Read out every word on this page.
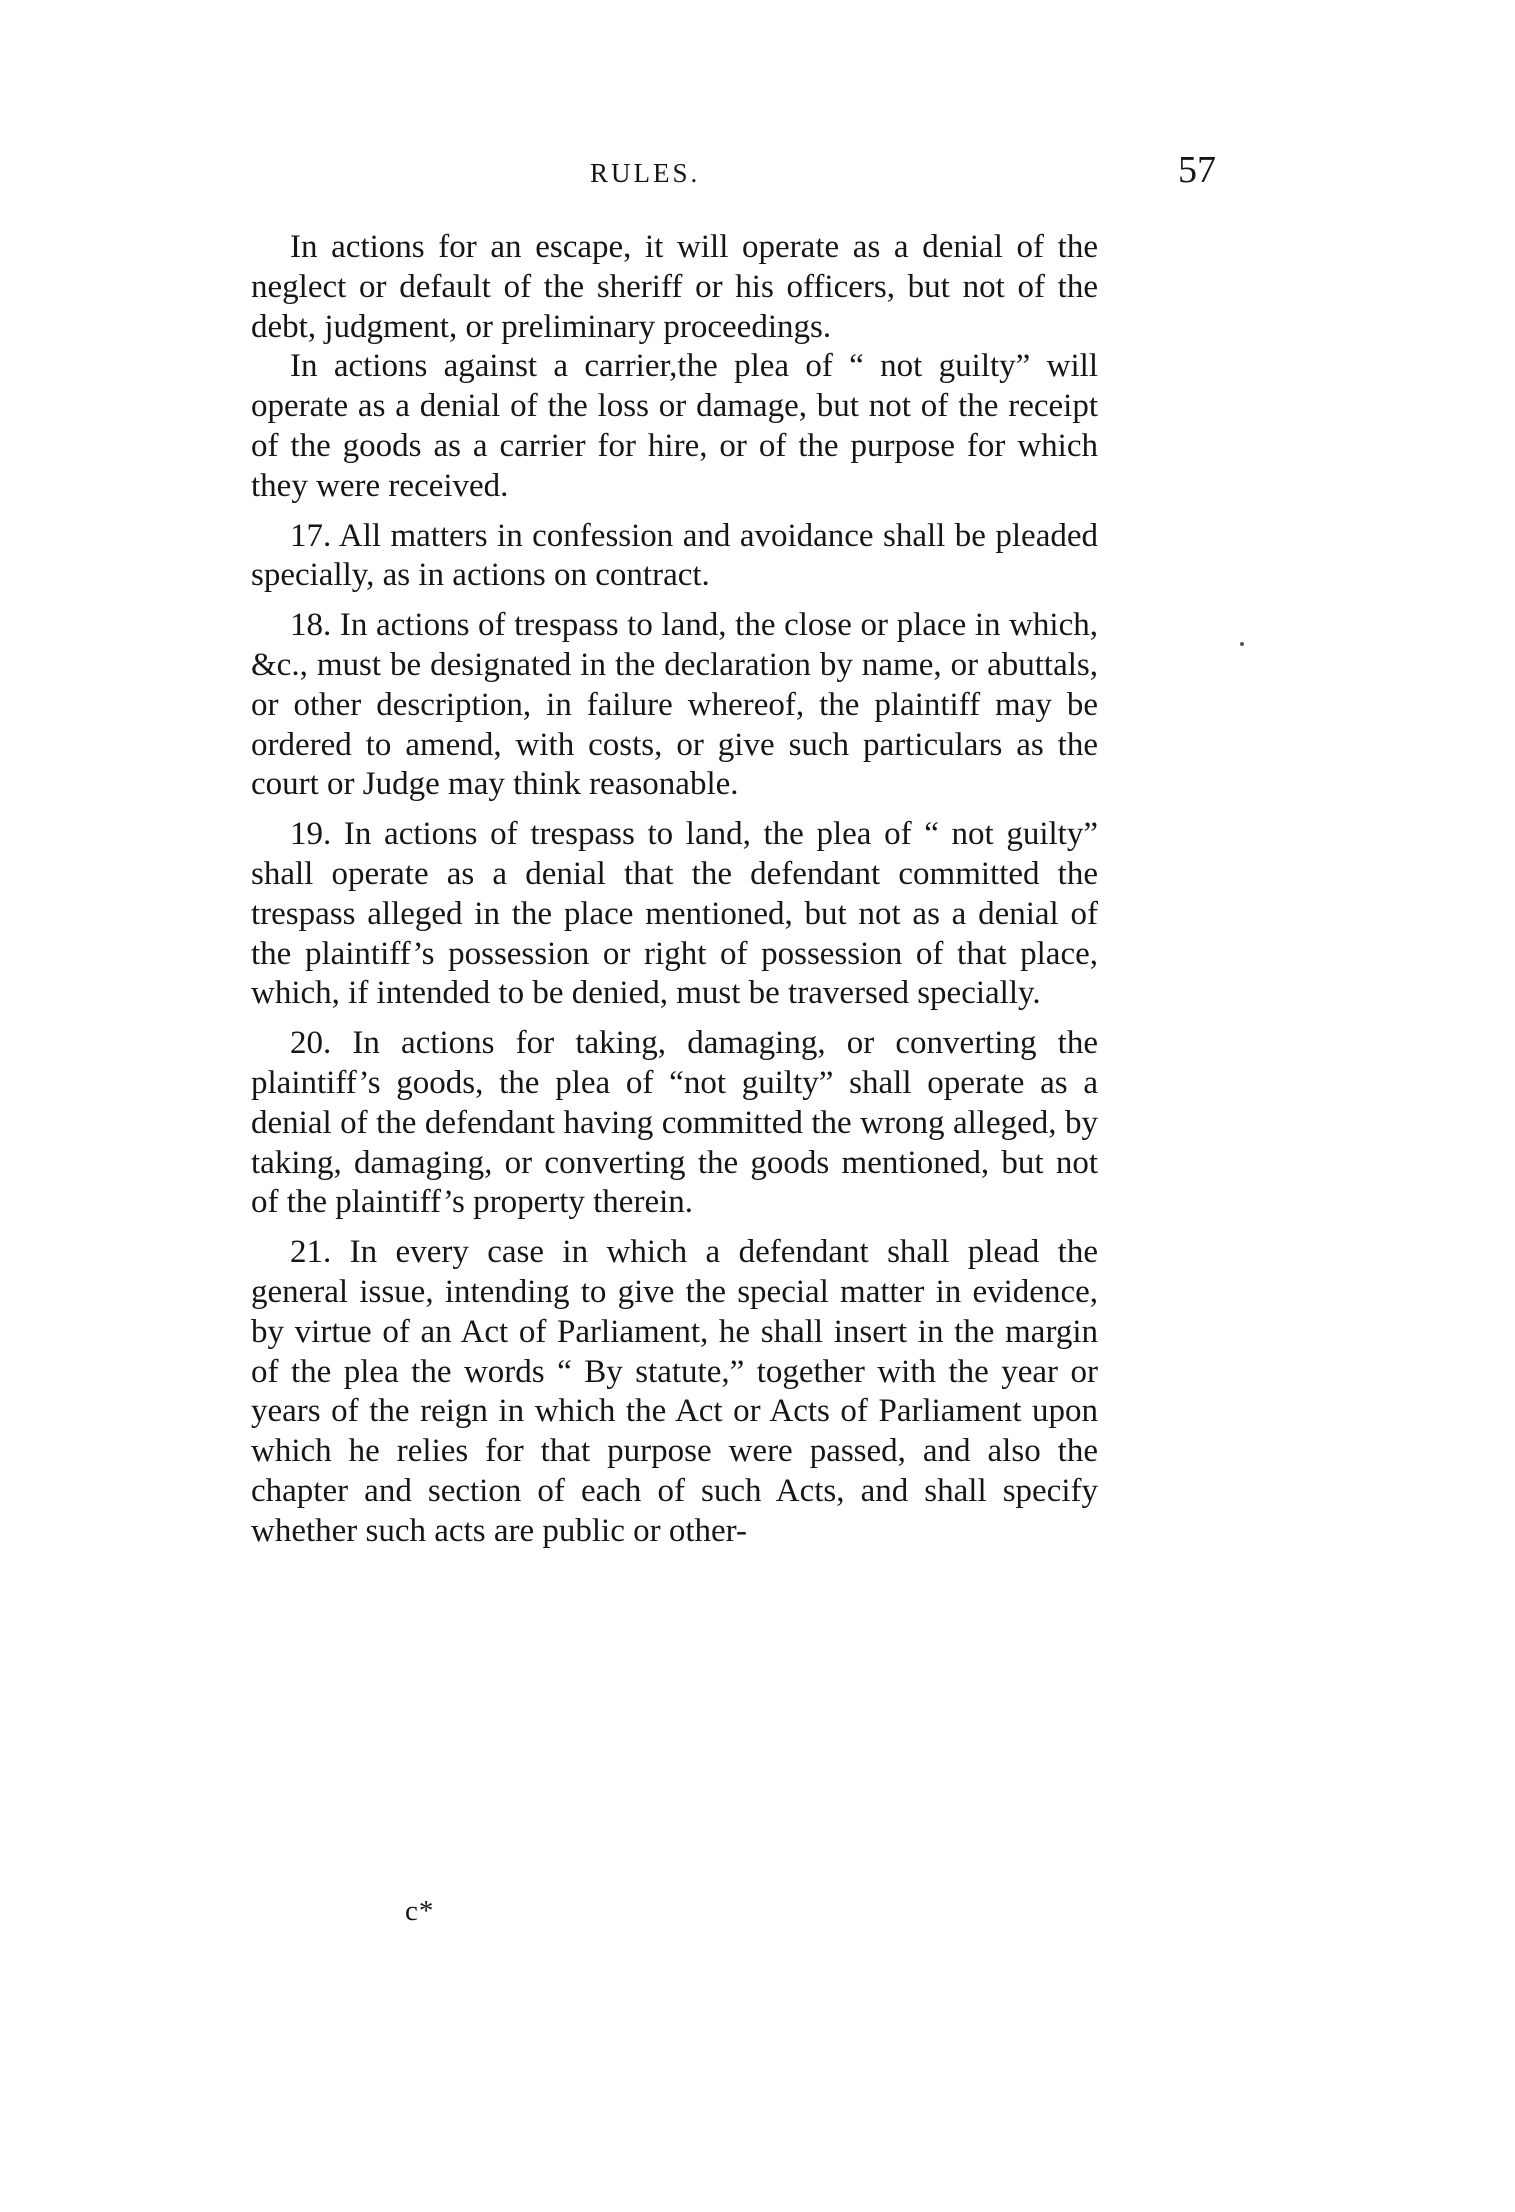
RULES.	57

In actions for an escape, it will operate as a denial of the neglect or default of the sheriff or his officers, but not of the debt, judgment, or preliminary proceedings.

In actions against a carrier,the plea of “ not guilty” will operate as a denial of the loss or damage, but not of the receipt of the goods as a carrier for hire, or of the purpose for which they were received.

17. All matters in confession and avoidance shall be pleaded specially, as in actions on contract.

18. In actions of trespass to land, the close or place in which, &c., must be designated in the declaration by name, or abuttals, or other description, in failure whereof, the plaintiff may be ordered to amend, with costs, or give such particulars as the court or Judge may think reasonable.

19. In actions of trespass to land, the plea of “ not guilty” shall operate as a denial that the defendant committed the trespass alleged in the place mentioned, but not as a denial of the plaintiff’s possession or right of possession of that place, which, if intended to be denied, must be traversed specially.

20. In actions for taking, damaging, or converting the plaintiff’s goods, the plea of “not guilty” shall operate as a denial of the defendant having committed the wrong alleged, by taking, damaging, or converting the goods mentioned, but not of the plaintiff’s property therein.

21. In every case in which a defendant shall plead the general issue, intending to give the special matter in evidence, by virtue of an Act of Parliament, he shall insert in the margin of the plea the words “ By statute,” together with the year or years of the reign in which the Act or Acts of Parliament upon which he relies for that purpose were passed, and also the chapter and section of each of such Acts, and shall specify whether such acts are public or other-

c*
